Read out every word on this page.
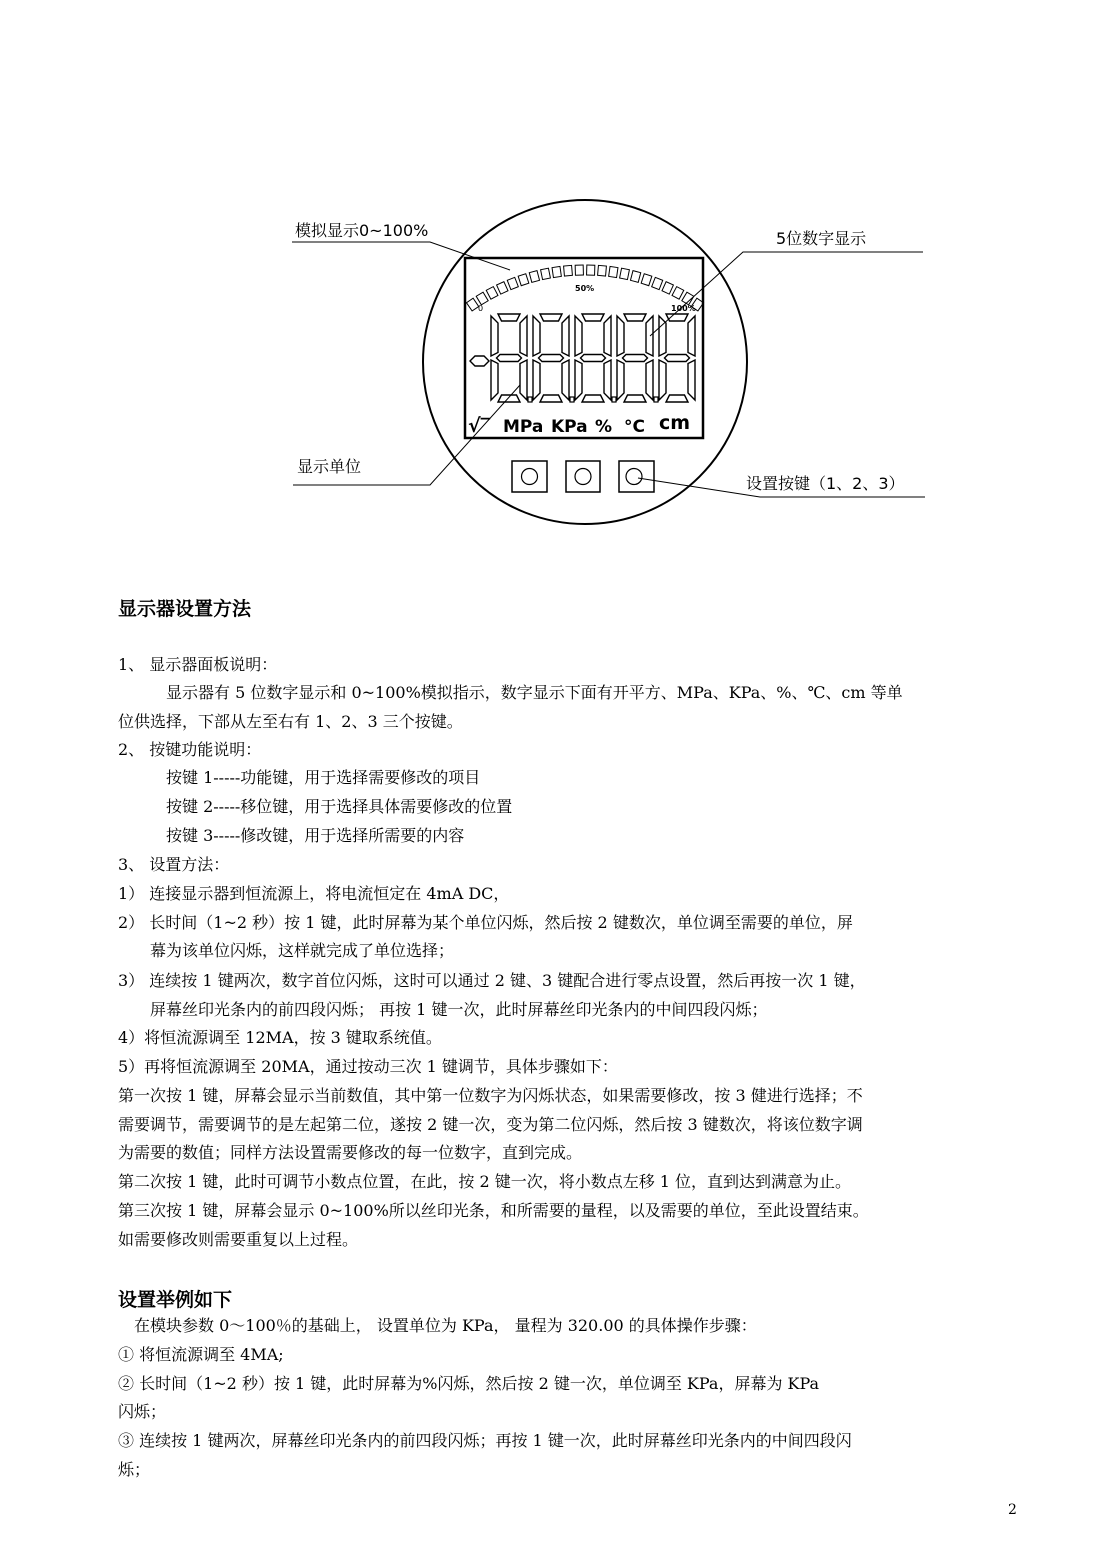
0
50%
100%
√‾ MPa KPa % °C cm
模拟显示0~100%	5位数字显示
显示单位
设置按键（1、2、3）
显示器设置方法
1、 显示器面板说明：
显示器有 5 位数字显示和 0~100%模拟指示，数字显示下面有开平方、MPa、KPa、%、℃、cm 等单
位供选择，下部从左至右有 1、2、3 三个按键。
2、 按键功能说明：
按键 1-----功能键，用于选择需要修改的项目
按键 2-----移位键，用于选择具体需要修改的位置
按键 3-----修改键，用于选择所需要的内容
3、 设置方法：
1） 连接显示器到恒流源上，将电流恒定在 4mA DC，
2） 长时间（1~2 秒）按 1 键，此时屏幕为某个单位闪烁，然后按 2 键数次，单位调至需要的单位，屏
幕为该单位闪烁，这样就完成了单位选择；
3） 连续按 1 键两次，数字首位闪烁，这时可以通过 2 键、3 键配合进行零点设置，然后再按一次 1 键，
屏幕丝印光条内的前四段闪烁； 再按 1 键一次，此时屏幕丝印光条内的中间四段闪烁；
4）将恒流源调至 12MA，按 3 键取系统值。
5）再将恒流源调至 20MA，通过按动三次 1 键调节，具体步骤如下：
第一次按 1 键，屏幕会显示当前数值，其中第一位数字为闪烁状态，如果需要修改，按 3 健进行选择；不
需要调节，需要调节的是左起第二位，遂按 2 键一次，变为第二位闪烁，然后按 3 键数次，将该位数字调
为需要的数值；同样方法设置需要修改的每一位数字，直到完成。
第二次按 1 键，此时可调节小数点位置，在此，按 2 键一次，将小数点左移 1 位，直到达到满意为止。
第三次按 1 键，屏幕会显示 0~100%所以丝印光条，和所需要的量程，以及需要的单位，至此设置结束。
如需要修改则需要重复以上过程。
设置举例如下
在模块参数 0～100％的基础上， 设置单位为 KPa， 量程为 320.00 的具体操作步骤：
① 将恒流源调至 4MA;
② 长时间（1~2 秒）按 1 键，此时屏幕为%闪烁，然后按 2 键一次，单位调至 KPa，屏幕为 KPa
闪烁；
③ 连续按 1 键两次，屏幕丝印光条内的前四段闪烁；再按 1 键一次，此时屏幕丝印光条内的中间四段闪
烁；
2
